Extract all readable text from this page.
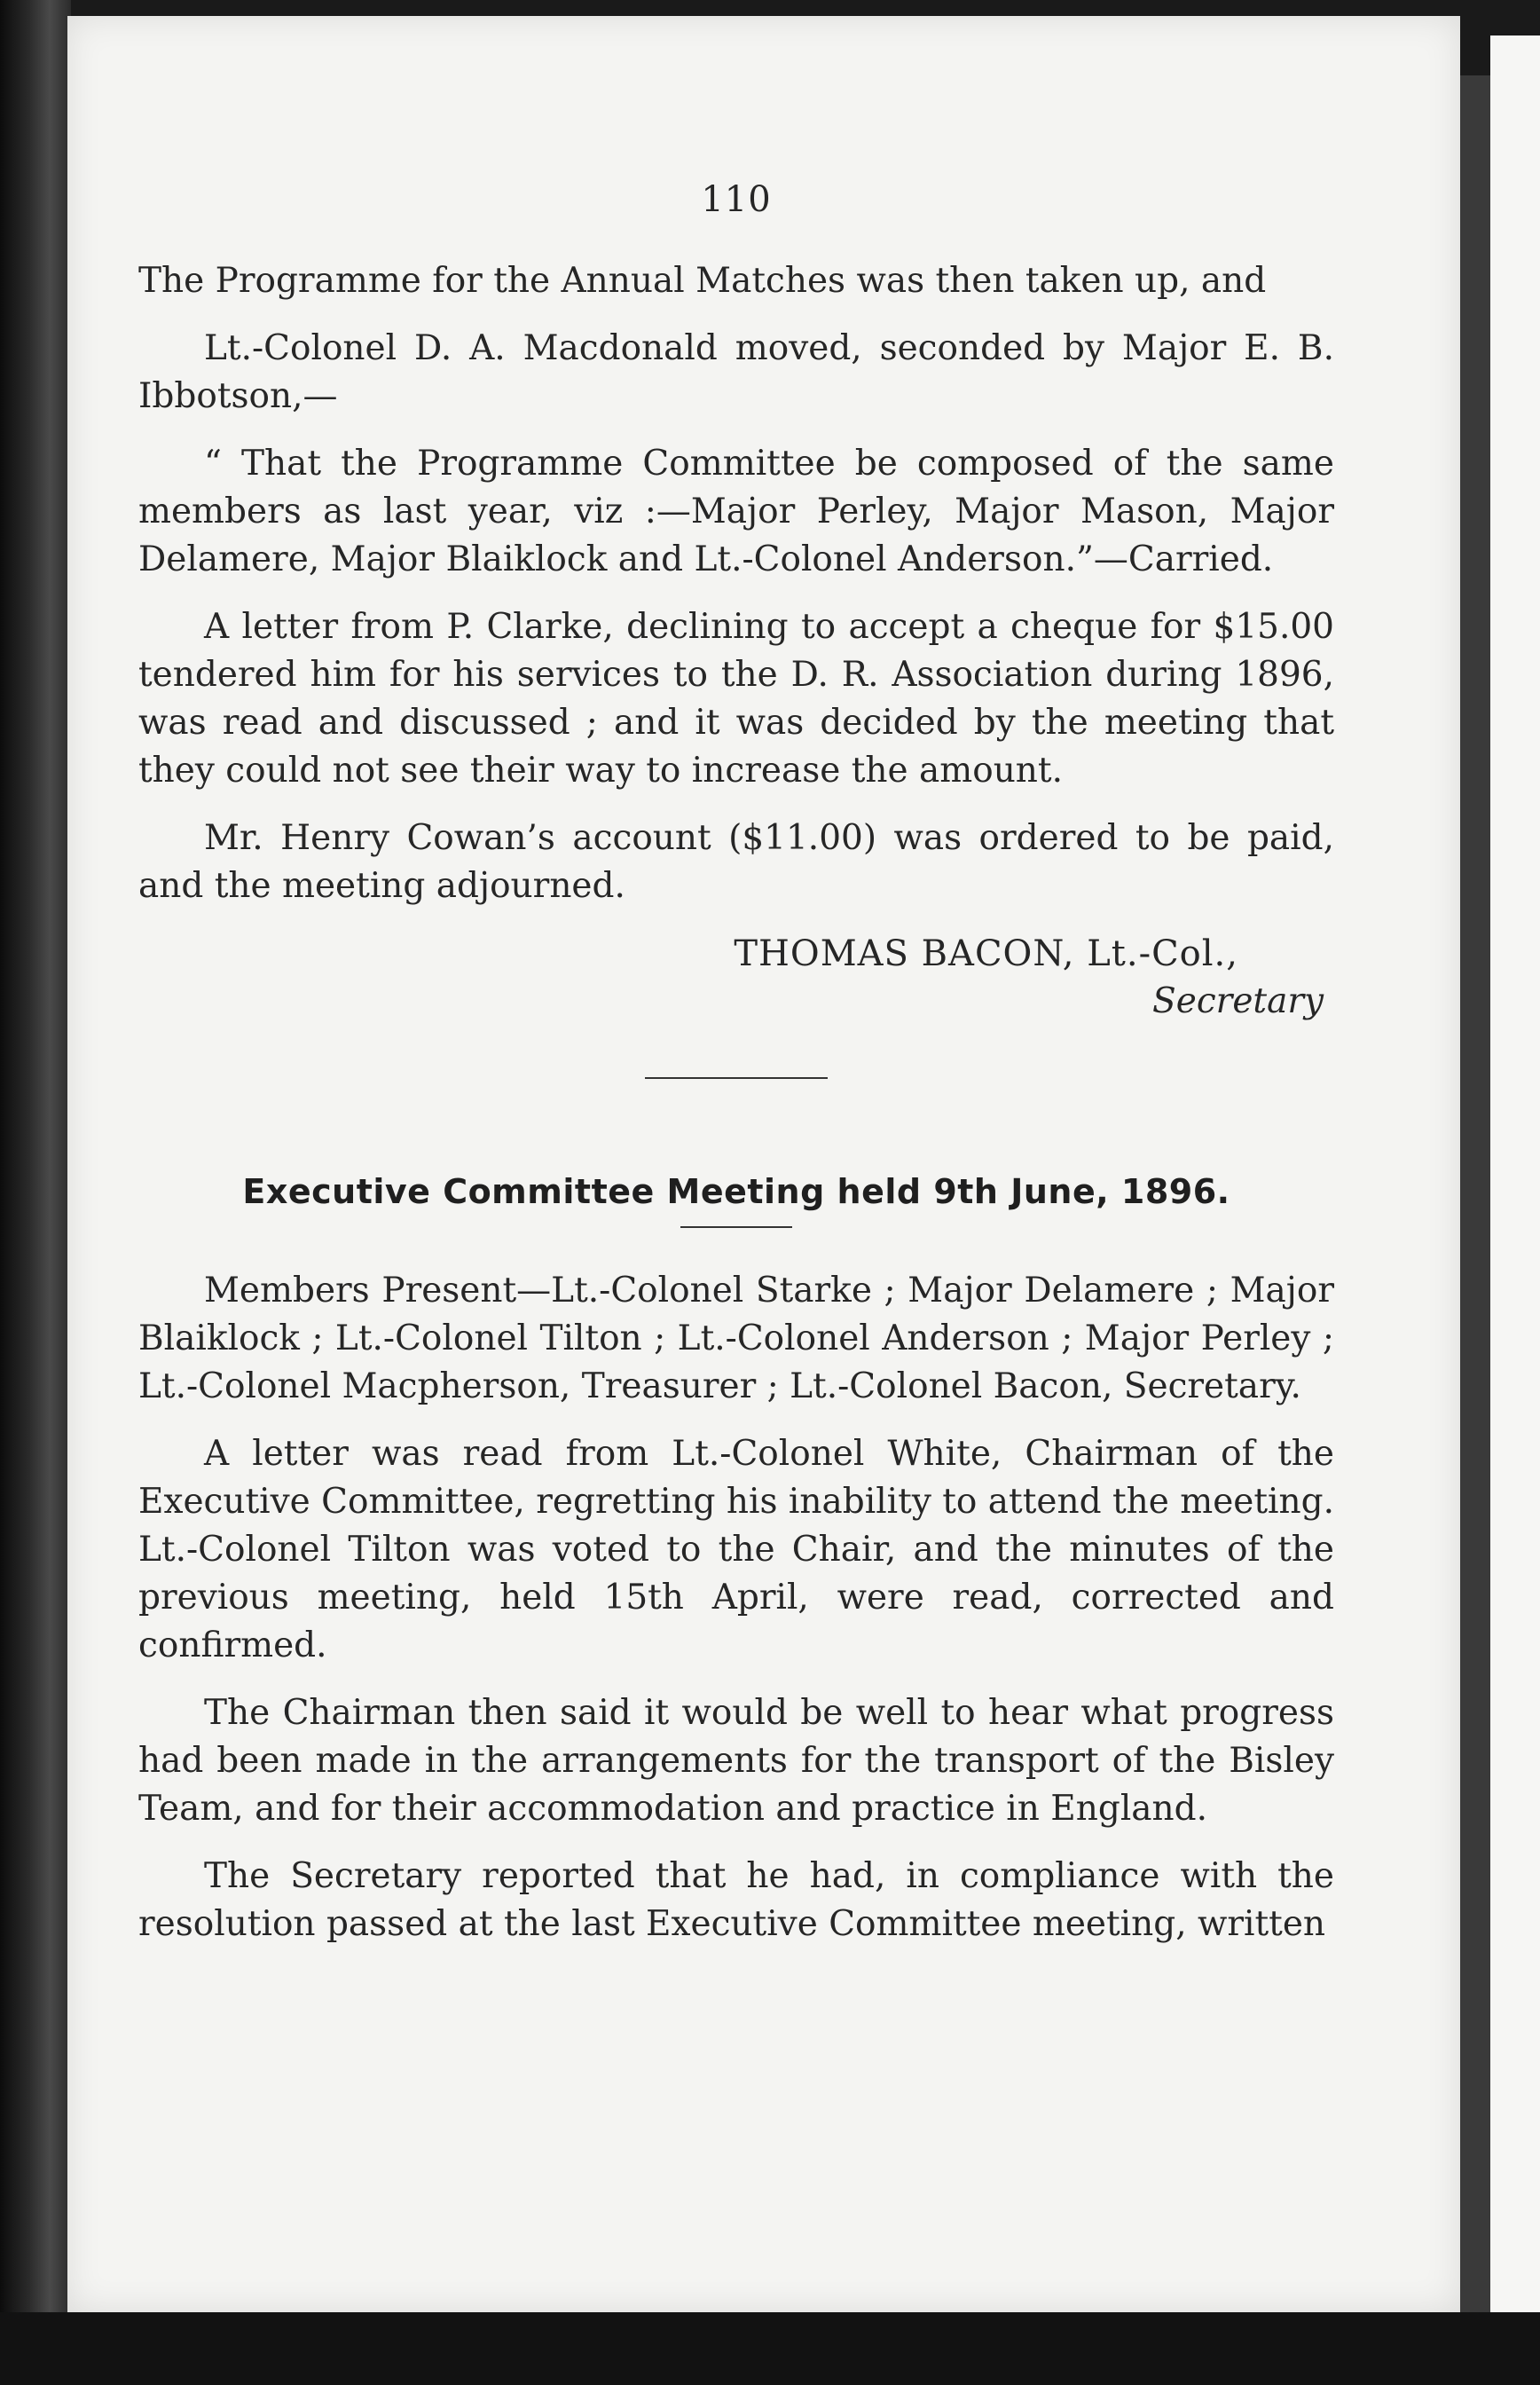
110

The Programme for the Annual Matches was then taken up, and

Lt.-Colonel D. A. Macdonald moved, seconded by Major E. B. Ibbotson,—

“ That the Programme Committee be composed of the same members as last year, viz :—Major Perley, Major Mason, Major Delamere, Major Blaiklock and Lt.-Colonel Anderson.”—Carried.

A letter from P. Clarke, declining to accept a cheque for $15.00 tendered him for his services to the D. R. Association during 1896, was read and discussed ; and it was decided by the meeting that they could not see their way to increase the amount.

Mr. Henry Cowan’s account ($11.00) was ordered to be paid, and the meeting adjourned.

THOMAS BACON, Lt.-Col.,
Secretary
Executive Committee Meeting held 9th June, 1896.

Members Present—Lt.-Colonel Starke ; Major Delamere ; Major Blaiklock ; Lt.-Colonel Tilton ; Lt.-Colonel Anderson ; Major Perley ; Lt.-Colonel Macpherson, Treasurer ; Lt.-Colonel Bacon, Secretary.

A letter was read from Lt.-Colonel White, Chairman of the Executive Committee, regretting his inability to attend the meeting. Lt.-Colonel Tilton was voted to the Chair, and the minutes of the previous meeting, held 15th April, were read, corrected and confirmed.

The Chairman then said it would be well to hear what progress had been made in the arrangements for the transport of the Bisley Team, and for their accommodation and practice in England.

The Secretary reported that he had, in compliance with the resolution passed at the last Executive Committee meeting, written
